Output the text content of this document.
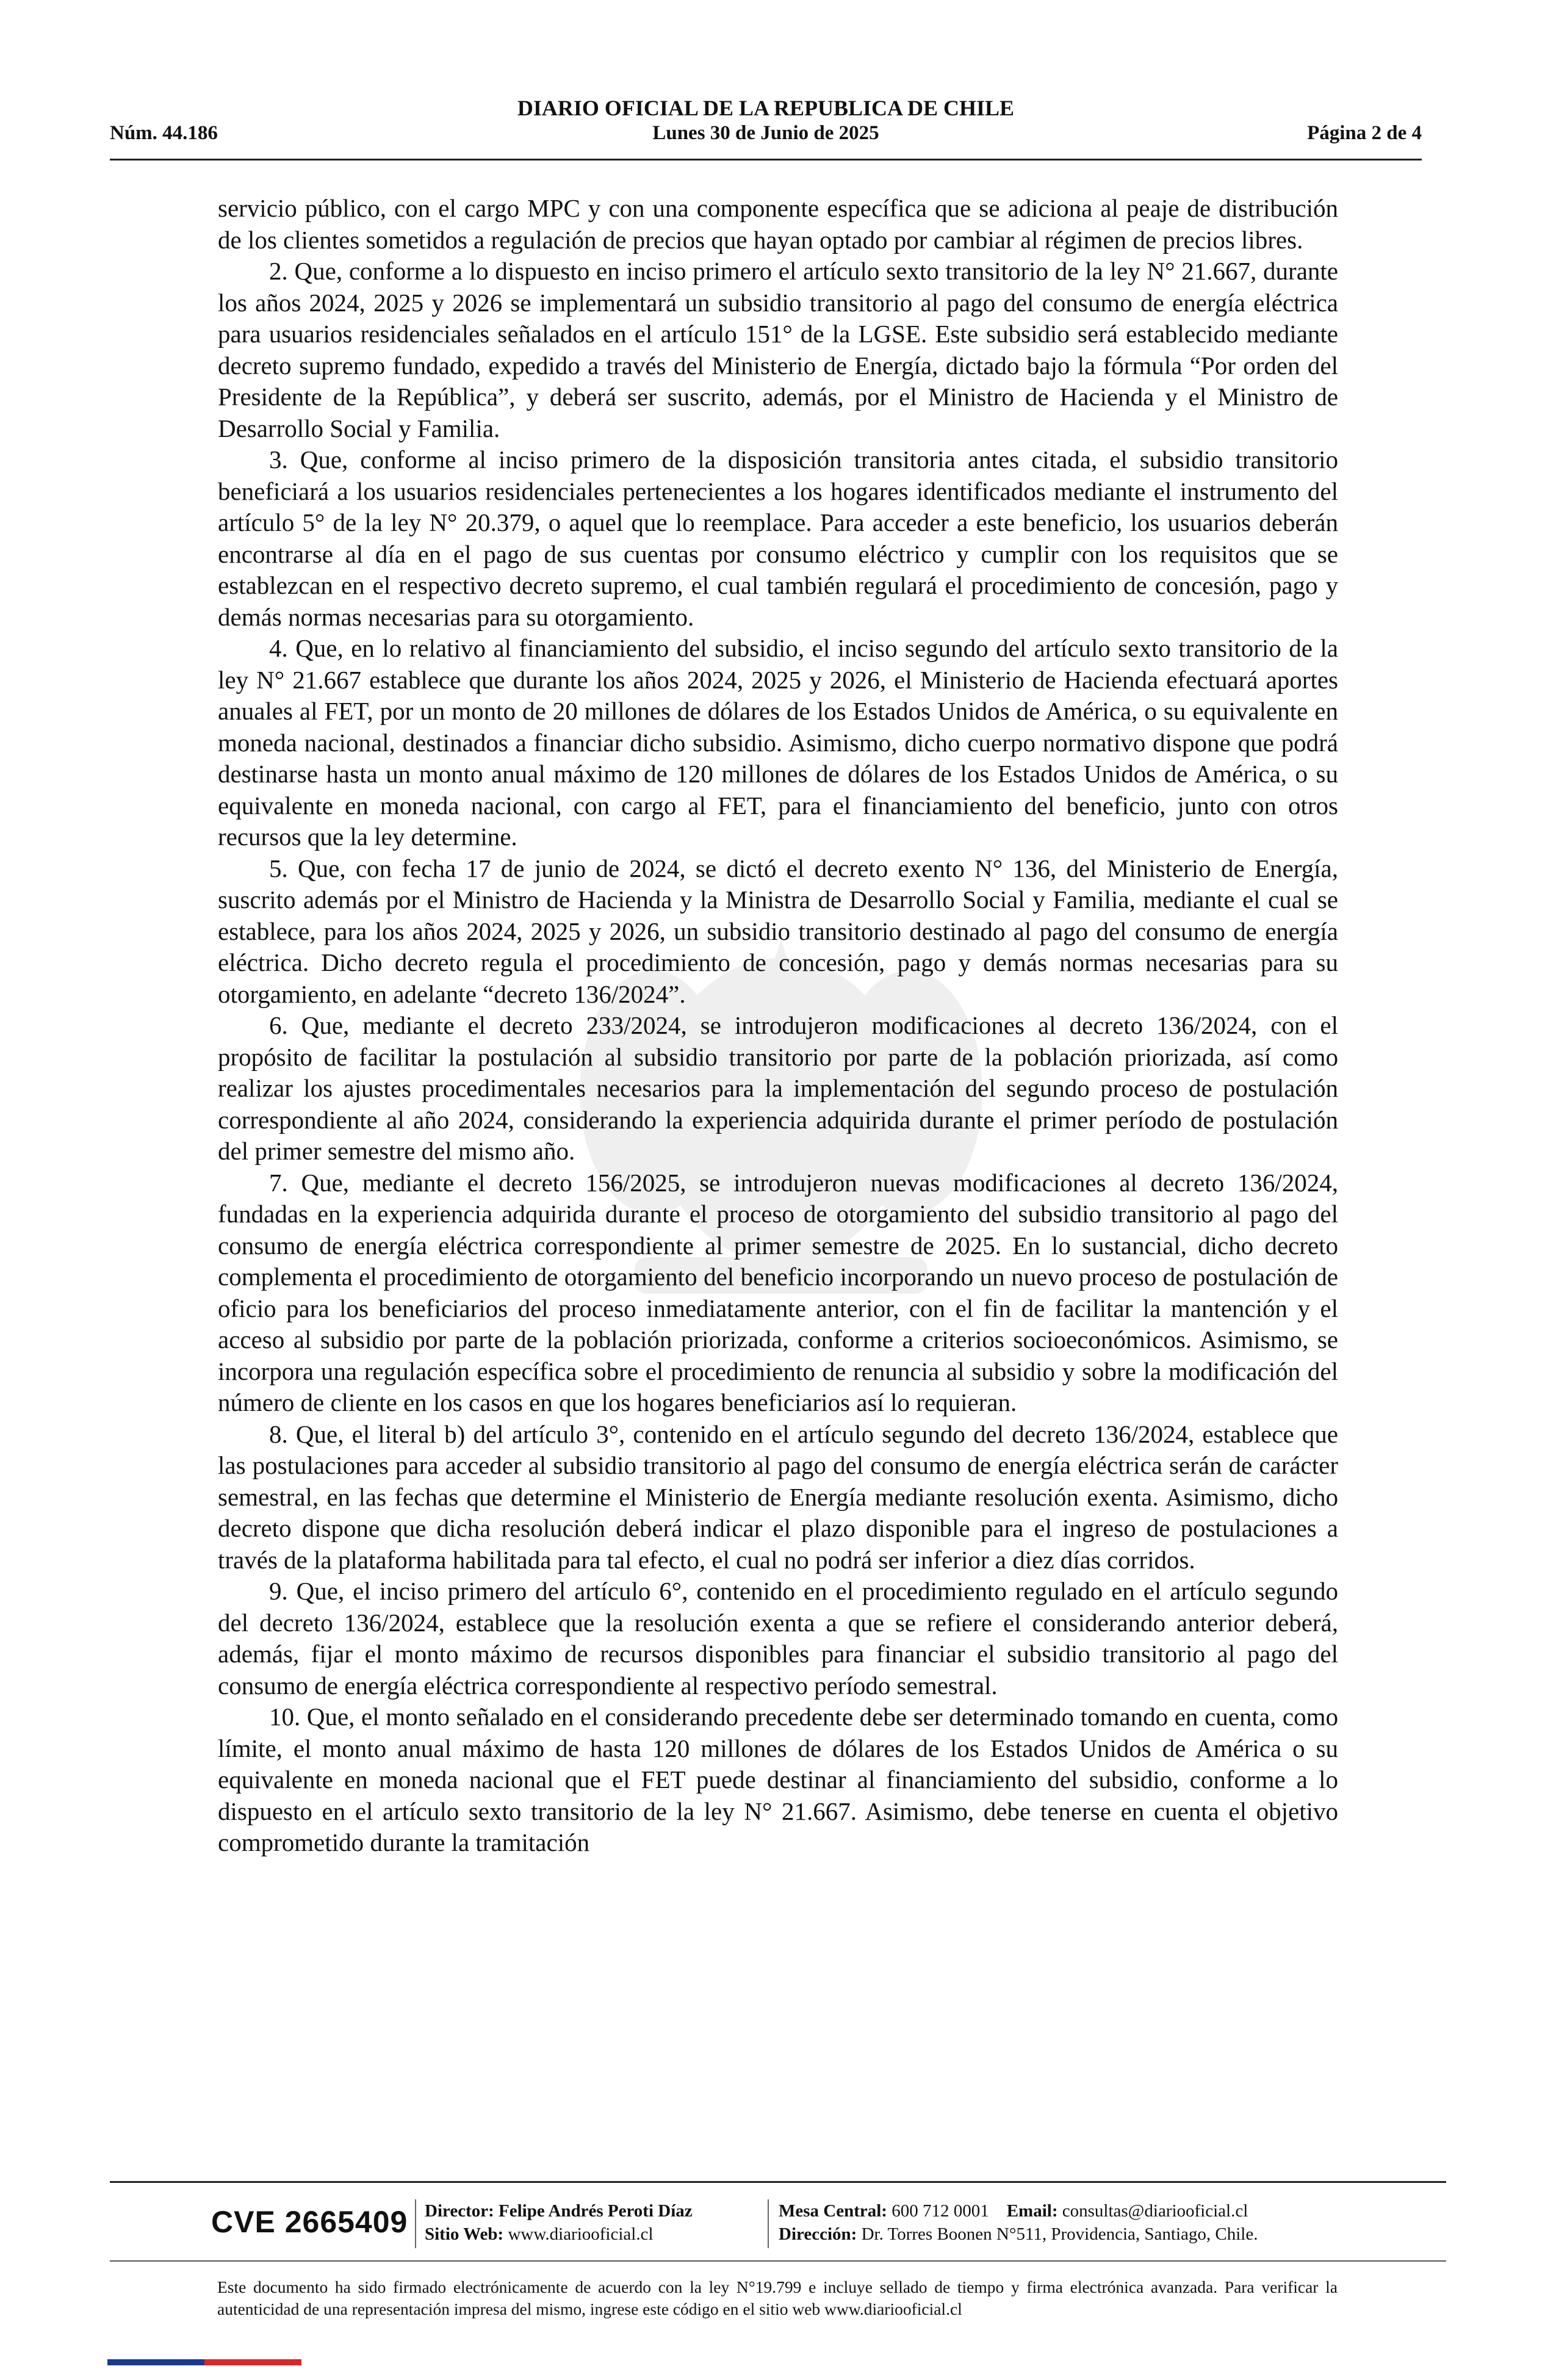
DIARIO OFICIAL DE LA REPUBLICA DE CHILE
Núm. 44.186	Lunes 30 de Junio de 2025	Página 2 de 4

servicio público, con el cargo MPC y con una componente específica que se adiciona al peaje de distribución de los clientes sometidos a regulación de precios que hayan optado por cambiar al régimen de precios libres.

2. Que, conforme a lo dispuesto en inciso primero el artículo sexto transitorio de la ley N° 21.667, durante los años 2024, 2025 y 2026 se implementará un subsidio transitorio al pago del consumo de energía eléctrica para usuarios residenciales señalados en el artículo 151° de la LGSE. Este subsidio será establecido mediante decreto supremo fundado, expedido a través del Ministerio de Energía, dictado bajo la fórmula “Por orden del Presidente de la República”, y deberá ser suscrito, además, por el Ministro de Hacienda y el Ministro de Desarrollo Social y Familia.

3. Que, conforme al inciso primero de la disposición transitoria antes citada, el subsidio transitorio beneficiará a los usuarios residenciales pertenecientes a los hogares identificados mediante el instrumento del artículo 5° de la ley N° 20.379, o aquel que lo reemplace. Para acceder a este beneficio, los usuarios deberán encontrarse al día en el pago de sus cuentas por consumo eléctrico y cumplir con los requisitos que se establezcan en el respectivo decreto supremo, el cual también regulará el procedimiento de concesión, pago y demás normas necesarias para su otorgamiento.

4. Que, en lo relativo al financiamiento del subsidio, el inciso segundo del artículo sexto transitorio de la ley N° 21.667 establece que durante los años 2024, 2025 y 2026, el Ministerio de Hacienda efectuará aportes anuales al FET, por un monto de 20 millones de dólares de los Estados Unidos de América, o su equivalente en moneda nacional, destinados a financiar dicho subsidio. Asimismo, dicho cuerpo normativo dispone que podrá destinarse hasta un monto anual máximo de 120 millones de dólares de los Estados Unidos de América, o su equivalente en moneda nacional, con cargo al FET, para el financiamiento del beneficio, junto con otros recursos que la ley determine.

5. Que, con fecha 17 de junio de 2024, se dictó el decreto exento N° 136, del Ministerio de Energía, suscrito además por el Ministro de Hacienda y la Ministra de Desarrollo Social y Familia, mediante el cual se establece, para los años 2024, 2025 y 2026, un subsidio transitorio destinado al pago del consumo de energía eléctrica. Dicho decreto regula el procedimiento de concesión, pago y demás normas necesarias para su otorgamiento, en adelante “decreto 136/2024”.

6. Que, mediante el decreto 233/2024, se introdujeron modificaciones al decreto 136/2024, con el propósito de facilitar la postulación al subsidio transitorio por parte de la población priorizada, así como realizar los ajustes procedimentales necesarios para la implementación del segundo proceso de postulación correspondiente al año 2024, considerando la experiencia adquirida durante el primer período de postulación del primer semestre del mismo año.

7. Que, mediante el decreto 156/2025, se introdujeron nuevas modificaciones al decreto 136/2024, fundadas en la experiencia adquirida durante el proceso de otorgamiento del subsidio transitorio al pago del consumo de energía eléctrica correspondiente al primer semestre de 2025. En lo sustancial, dicho decreto complementa el procedimiento de otorgamiento del beneficio incorporando un nuevo proceso de postulación de oficio para los beneficiarios del proceso inmediatamente anterior, con el fin de facilitar la mantención y el acceso al subsidio por parte de la población priorizada, conforme a criterios socioeconómicos. Asimismo, se incorpora una regulación específica sobre el procedimiento de renuncia al subsidio y sobre la modificación del número de cliente en los casos en que los hogares beneficiarios así lo requieran.

8. Que, el literal b) del artículo 3°, contenido en el artículo segundo del decreto 136/2024, establece que las postulaciones para acceder al subsidio transitorio al pago del consumo de energía eléctrica serán de carácter semestral, en las fechas que determine el Ministerio de Energía mediante resolución exenta. Asimismo, dicho decreto dispone que dicha resolución deberá indicar el plazo disponible para el ingreso de postulaciones a través de la plataforma habilitada para tal efecto, el cual no podrá ser inferior a diez días corridos.

9. Que, el inciso primero del artículo 6°, contenido en el procedimiento regulado en el artículo segundo del decreto 136/2024, establece que la resolución exenta a que se refiere el considerando anterior deberá, además, fijar el monto máximo de recursos disponibles para financiar el subsidio transitorio al pago del consumo de energía eléctrica correspondiente al respectivo período semestral.

10. Que, el monto señalado en el considerando precedente debe ser determinado tomando en cuenta, como límite, el monto anual máximo de hasta 120 millones de dólares de los Estados Unidos de América o su equivalente en moneda nacional que el FET puede destinar al financiamiento del subsidio, conforme a lo dispuesto en el artículo sexto transitorio de la ley N° 21.667. Asimismo, debe tenerse en cuenta el objetivo comprometido durante la tramitación

CVE 2665409 Director: Felipe Andrés Peroti Díaz
Sitio Web: www.diariooficial.cl
Mesa Central: 600 712 0001 Email: consultas@diariooficial.cl
Dirección: Dr. Torres Boonen N°511, Providencia, Santiago, Chile.
Este documento ha sido firmado electrónicamente de acuerdo con la ley N°19.799 e incluye sellado de tiempo y firma electrónica avanzada. Para verificar la autenticidad de una representación impresa del mismo, ingrese este código en el sitio web www.diariooficial.cl
